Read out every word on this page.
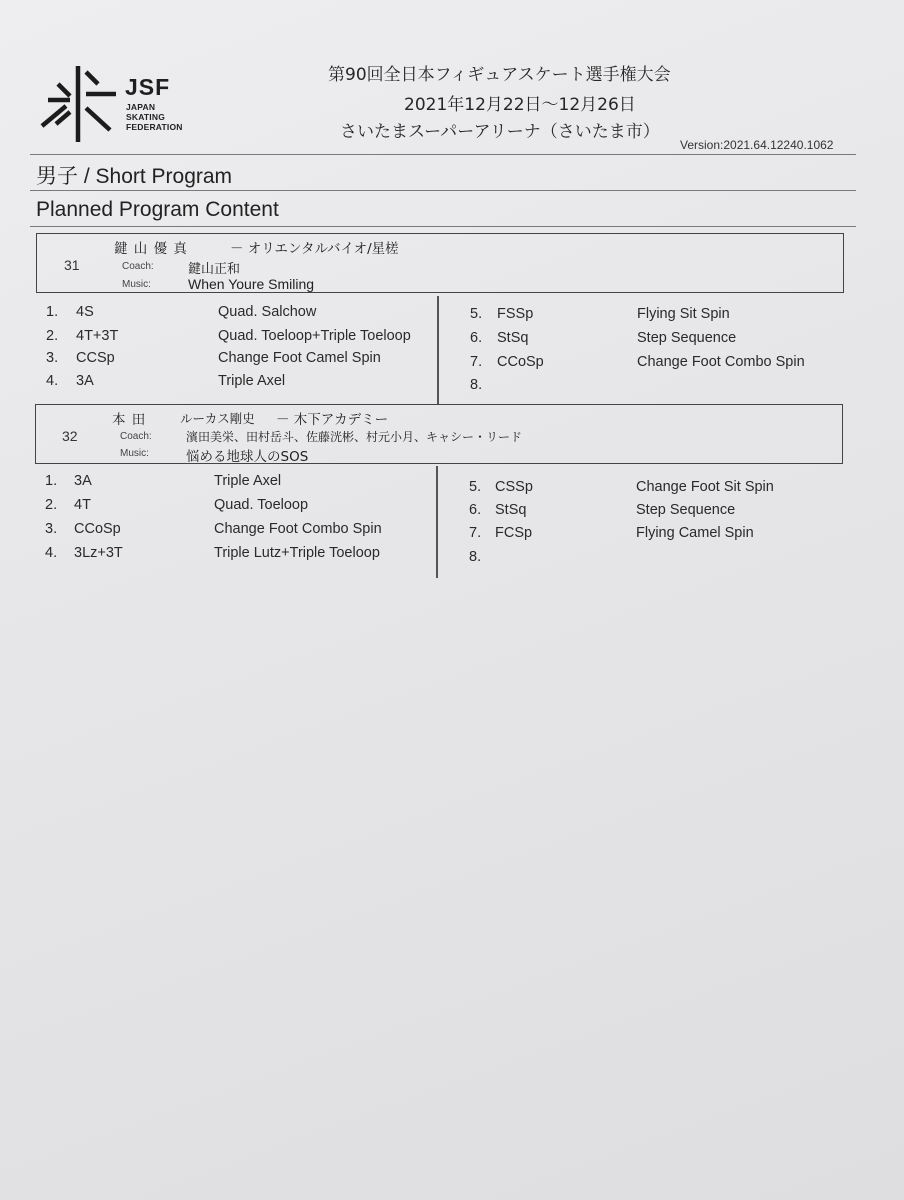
JSF
JAPAN
SKATING
FEDERATION
第90回全日本フィギュアスケート選手権大会
2021年12月22日～12月26日
さいたまスーパーアリーナ（さいたま市）
Version:2021.64.12240.1062
男子 / Short Program
Planned Program Content
鍵 山 優 真	－ オリエンタルバイオ/星槎
31	Coach:	鍵山正和
Music:	When Youre Smiling
1. 4S	Quad. Salchow
2. 4T+3T	Quad. Toeloop+Triple Toeloop
3. CCSp	Change Foot Camel Spin
4. 3A	Triple Axel
5. FSSp	Flying Sit Spin
6. StSq	Step Sequence
7. CCoSp	Change Foot Combo Spin
8.
本 田	ルーカス剛史 － 木下アカデミー
32	Coach:	濱田美栄、田村岳斗、佐藤洸彬、村元小月、キャシー・リード
Music:	悩める地球人のSOS
1. 3A	Triple Axel
2. 4T	Quad. Toeloop
3. CCoSp	Change Foot Combo Spin
4. 3Lz+3T	Triple Lutz+Triple Toeloop
5. CSSp	Change Foot Sit Spin
6. StSq	Step Sequence
7. FCSp	Flying Camel Spin
8.
